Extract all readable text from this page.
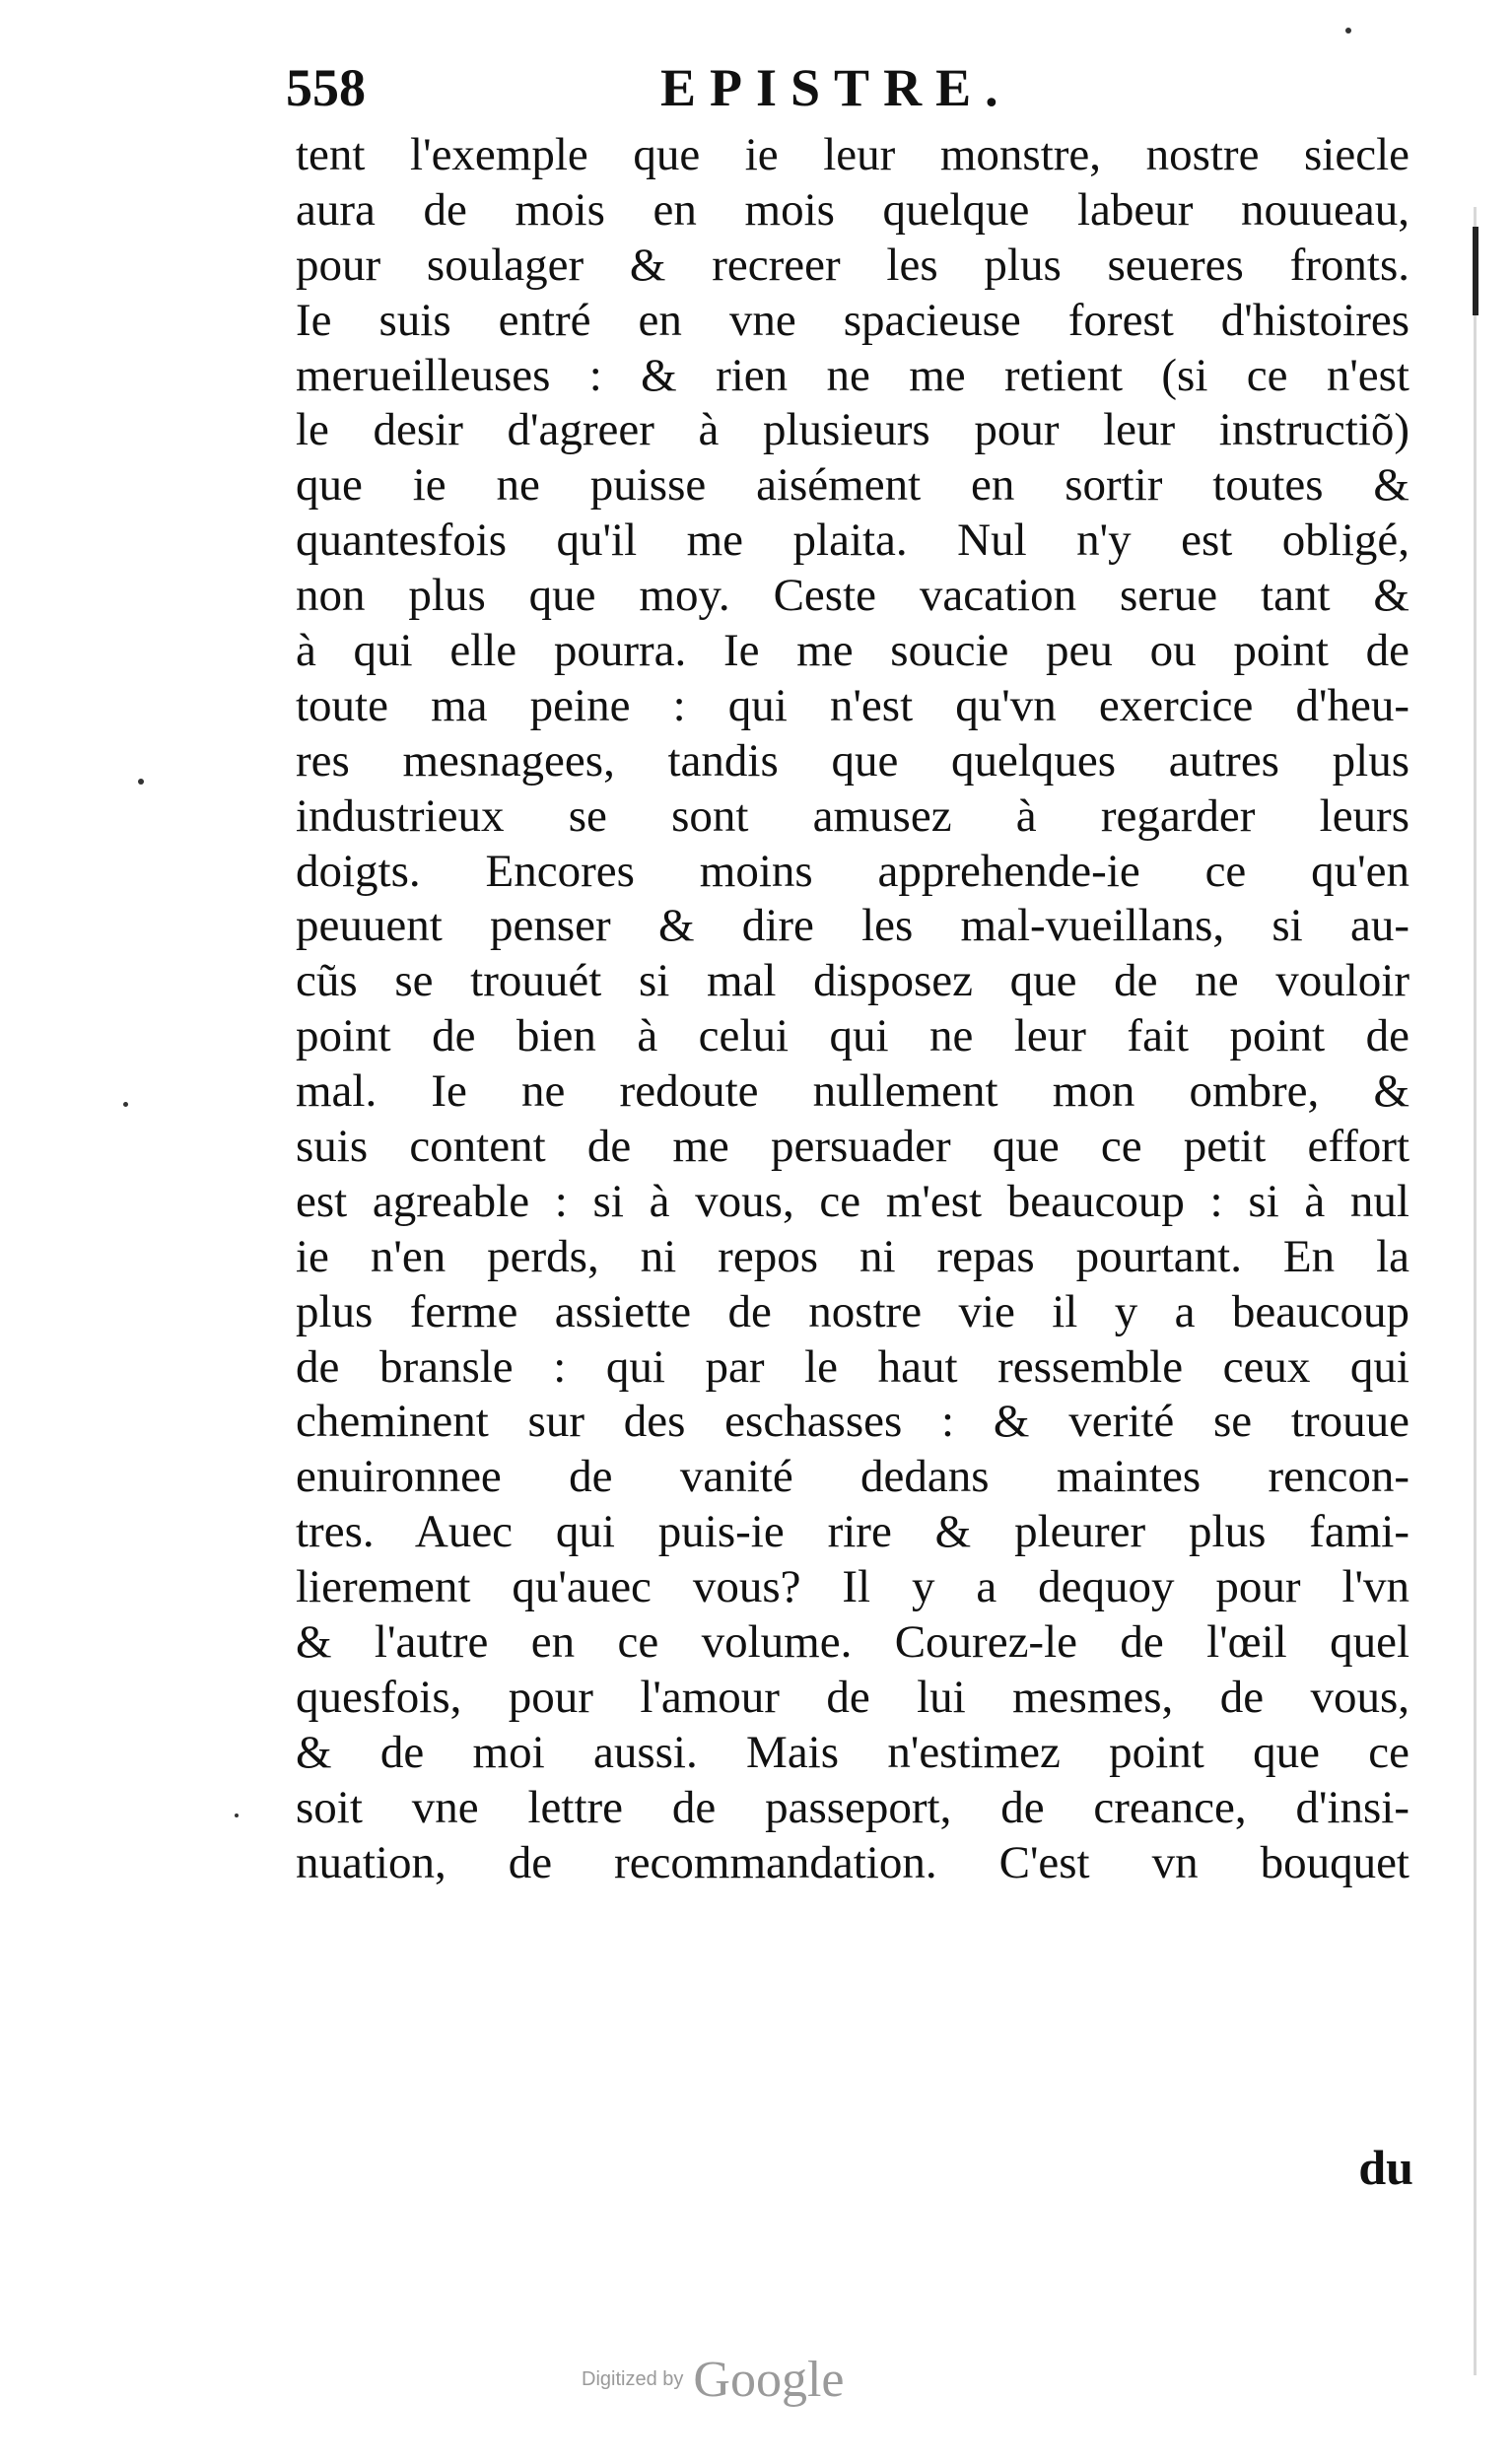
558	EPISTRE.
tent l'exemple que ie leur monstre, nostre siecle
aura de mois en mois quelque labeur nouueau,
pour soulager & recreer les plus seueres fronts.
Ie suis entré en vne spacieuse forest d'histoires
merueilleuses : & rien ne me retient (si ce n'est
le desir d'agreer à plusieurs pour leur instructiõ)
que ie ne puisse aisément en sortir toutes &
quantesfois qu'il me plaita. Nul n'y est obligé,
non plus que moy. Ceste vacation serue tant &
à qui elle pourra. Ie me soucie peu ou point de
toute ma peine : qui n'est qu'vn exercice d'heu-
res mesnagees, tandis que quelques autres plus
industrieux se sont amusez à regarder leurs
doigts. Encores moins apprehende-ie ce qu'en
peuuent penser & dire les mal-vueillans, si au-
cũs se trouuét si mal disposez que de ne vouloir
point de bien à celui qui ne leur fait point de
mal. Ie ne redoute nullement mon ombre, &
suis content de me persuader que ce petit effort
est agreable : si à vous, ce m'est beaucoup : si à nul
ie n'en perds, ni repos ni repas pourtant. En la
plus ferme assiette de nostre vie il y a beaucoup
de bransle : qui par le haut ressemble ceux qui
cheminent sur des eschasses : & verité se trouue
enuironnee de vanité dedans maintes rencon-
tres. Auec qui puis-ie rire & pleurer plus fami-
lierement qu'auec vous? Il y a dequoy pour l'vn
& l'autre en ce volume. Courez-le de l'œil quel
quesfois, pour l'amour de lui mesmes, de vous,
& de moi aussi. Mais n'estimez point que ce
soit vne lettre de passeport, de creance, d'insi-
nuation, de recommandation. C'est vn bouquet
du
Digitized by Google
